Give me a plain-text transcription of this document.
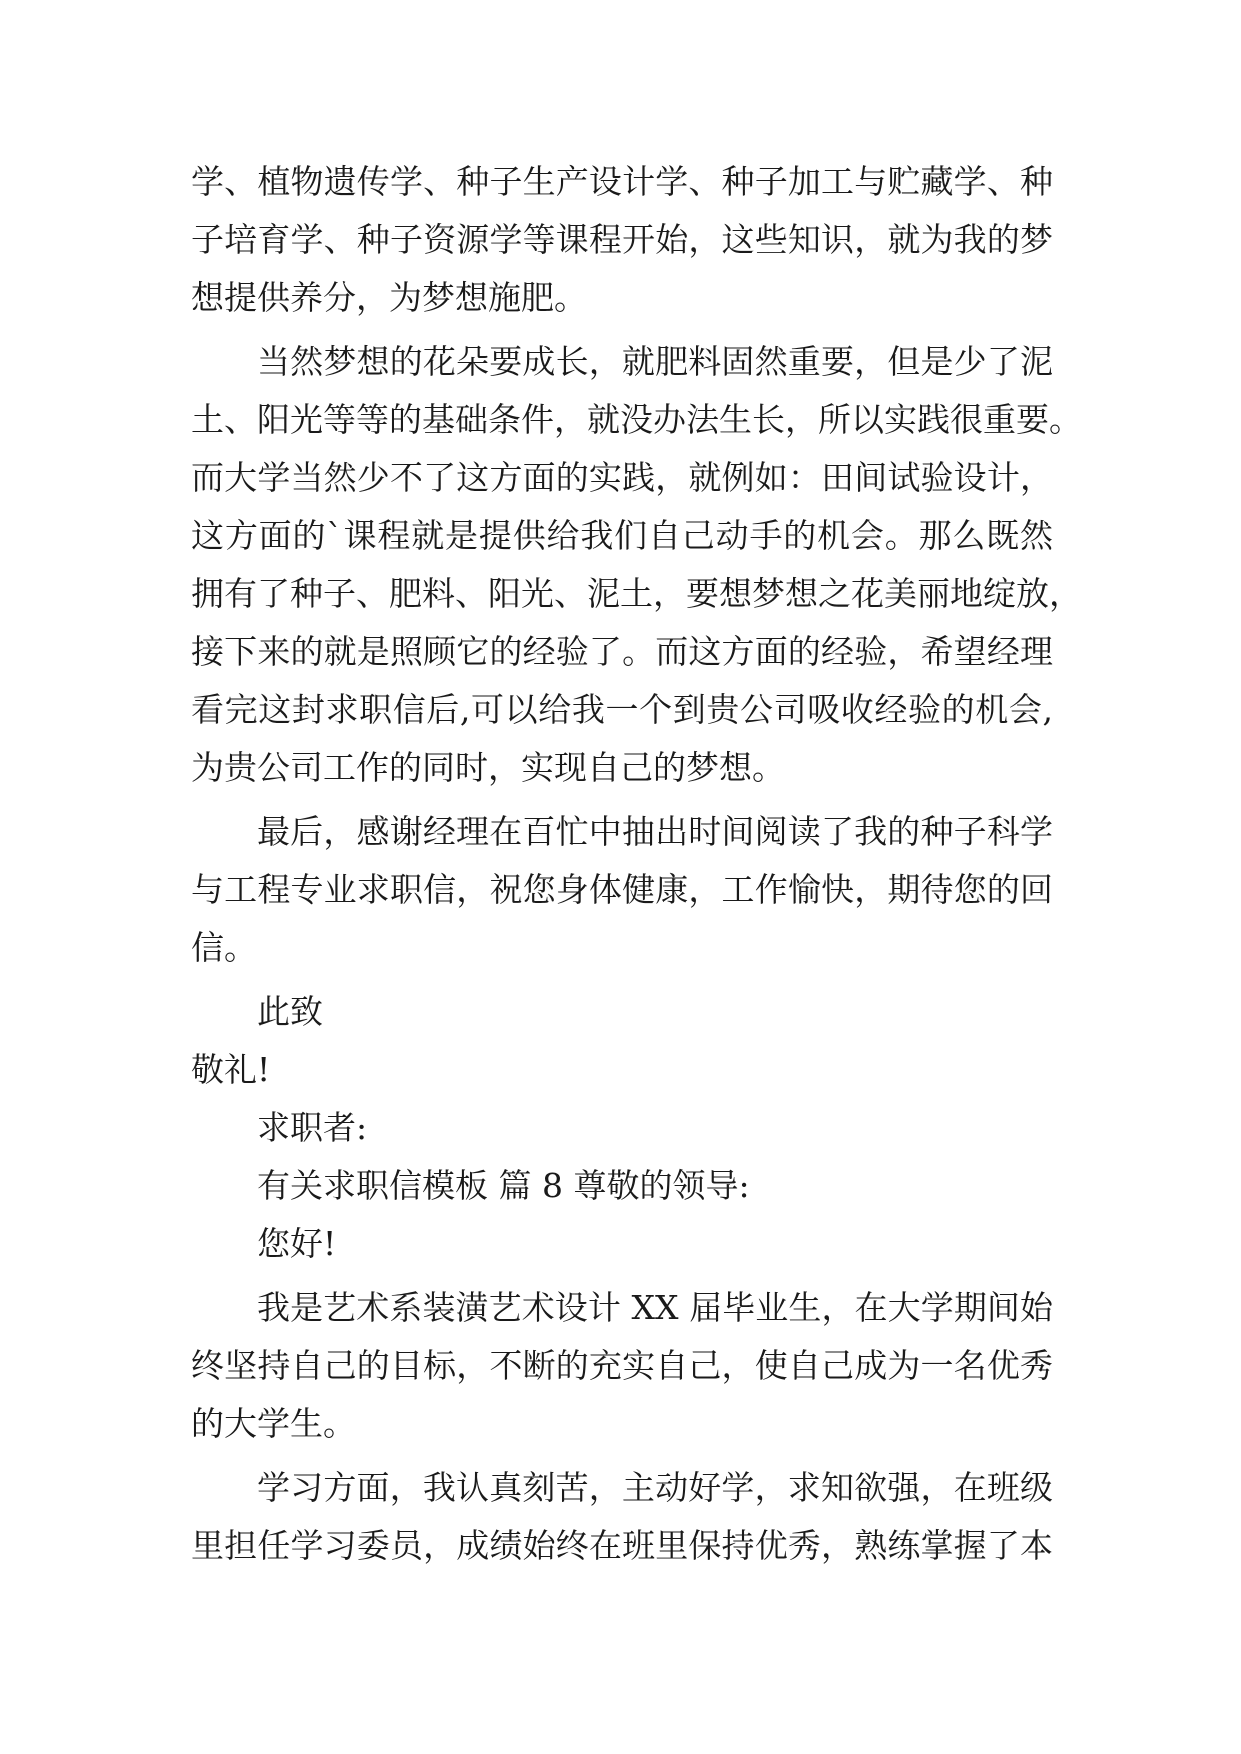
学、植物遗传学、种子生产设计学、种子加工与贮藏学、种
子培育学、种子资源学等课程开始，这些知识，就为我的梦
想提供养分，为梦想施肥。
当然梦想的花朵要成长，就肥料固然重要，但是少了泥
土、阳光等等的基础条件，就没办法生长，所以实践很重要。
而大学当然少不了这方面的实践，就例如：田间试验设计，
这方面的`课程就是提供给我们自己动手的机会。那么既然
拥有了种子、肥料、阳光、泥土，要想梦想之花美丽地绽放，
接下来的就是照顾它的经验了。而这方面的经验，希望经理
看完这封求职信后,可以给我一个到贵公司吸收经验的机会,
为贵公司工作的同时，实现自己的梦想。
最后，感谢经理在百忙中抽出时间阅读了我的种子科学
与工程专业求职信，祝您身体健康，工作愉快，期待您的回
信。
此致
敬礼!
求职者:
有关求职信模板 篇 8 尊敬的领导:
您好!
我是艺术系装潢艺术设计 XX 届毕业生，在大学期间始
终坚持自己的目标，不断的充实自己，使自己成为一名优秀
的大学生。
学习方面，我认真刻苦，主动好学，求知欲强，在班级
里担任学习委员，成绩始终在班里保持优秀，熟练掌握了本
